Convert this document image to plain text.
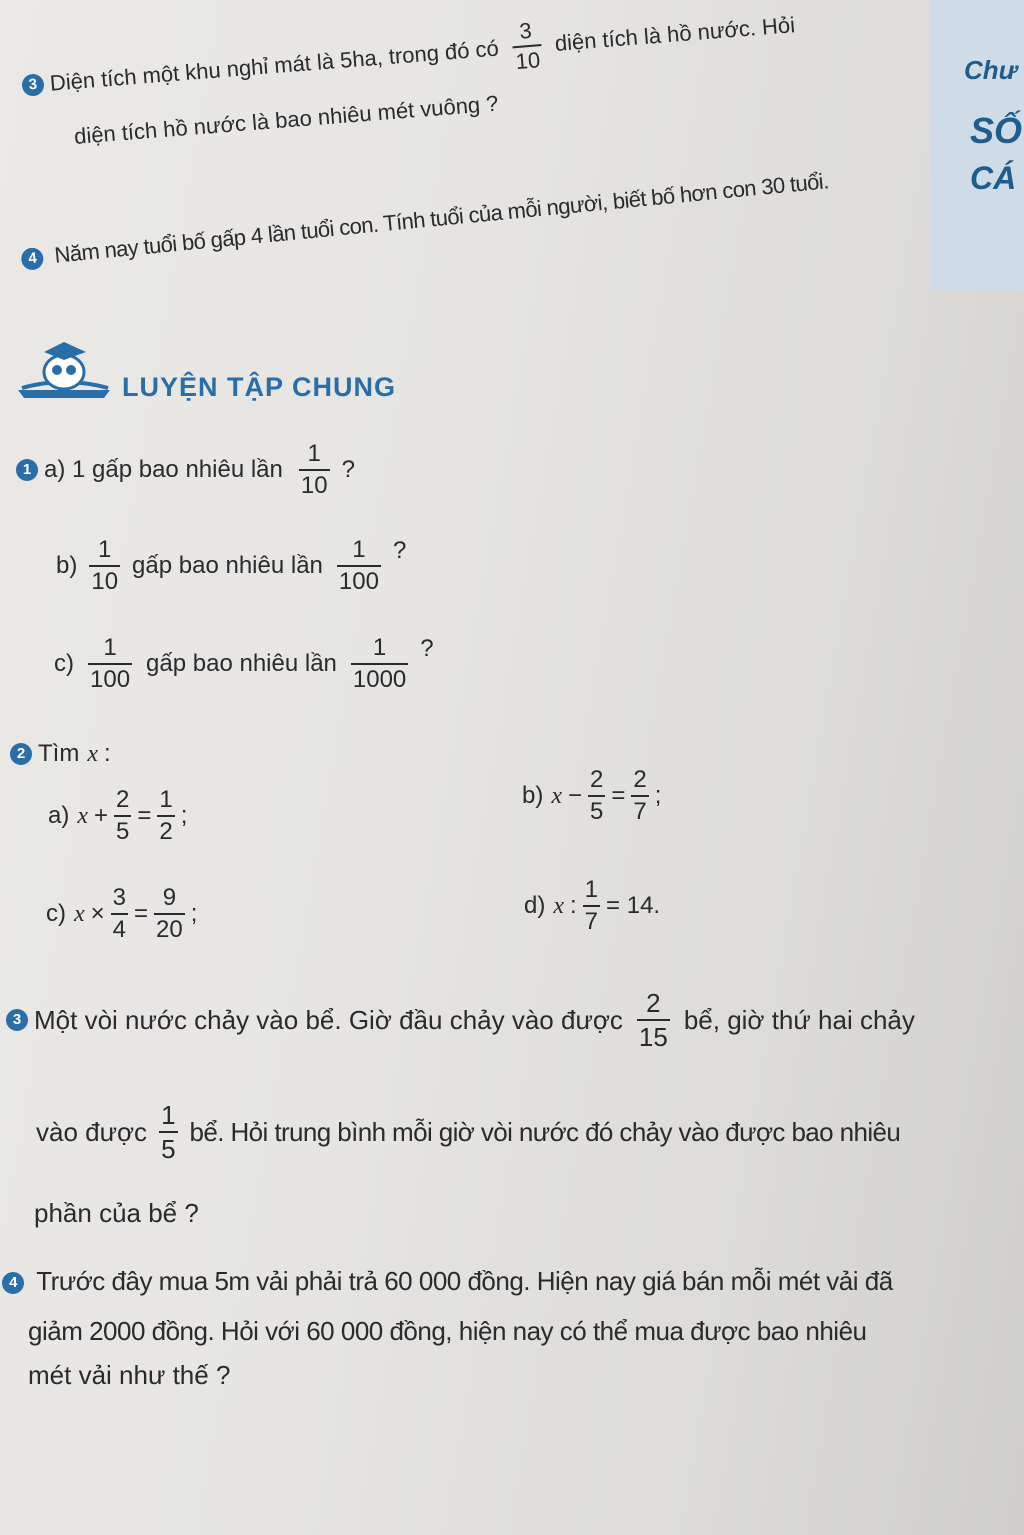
Chư
SỐ
CÁ
3 Diện tích một khu nghỉ mát là 5ha, trong đó có $\frac{3}{10}$ diện tích là hồ nước. Hỏi
diện tích hồ nước là bao nhiêu mét vuông ?
4 Năm nay tuổi bố gấp 4 lần tuổi con. Tính tuổi của mỗi người, biết bố hơn con 30 tuổi.
LUYỆN TẬP CHUNG
1 a) 1 gấp bao nhiêu lần $\frac{1}{10}$ ?
$b) \frac{1}{10}$ gấp bao nhiêu lần $\frac{1}{100}$ ?
$c) \frac{1}{100}$ gấp bao nhiêu lần $\frac{1}{1000}$ ?
2 Tìm x :
a) $x + \frac{2}{5} = \frac{1}{2}$ ;
b) $x - \frac{2}{5} = \frac{2}{7}$ ;
c) $x \times \frac{3}{4} = \frac{9}{20}$ ;	d) x : $\frac{1}{7} = 14$.
3 Một vòi nước chảy vào bể. Giờ đầu chảy vào được $\frac{2}{15}$ bể, giờ thứ hai chảy
vào được $\frac{1}{5}$ bể. Hỏi trung bình mỗi giờ vòi nước đó chảy vào được bao nhiêu
phần của bể ?
4 Trước đây mua 5m vải phải trả 60 000 đồng. Hiện nay giá bán mỗi mét vải đã
giảm 2000 đồng. Hỏi với 60 000 đồng, hiện nay có thể mua được bao nhiêu
mét vải như thế ?
